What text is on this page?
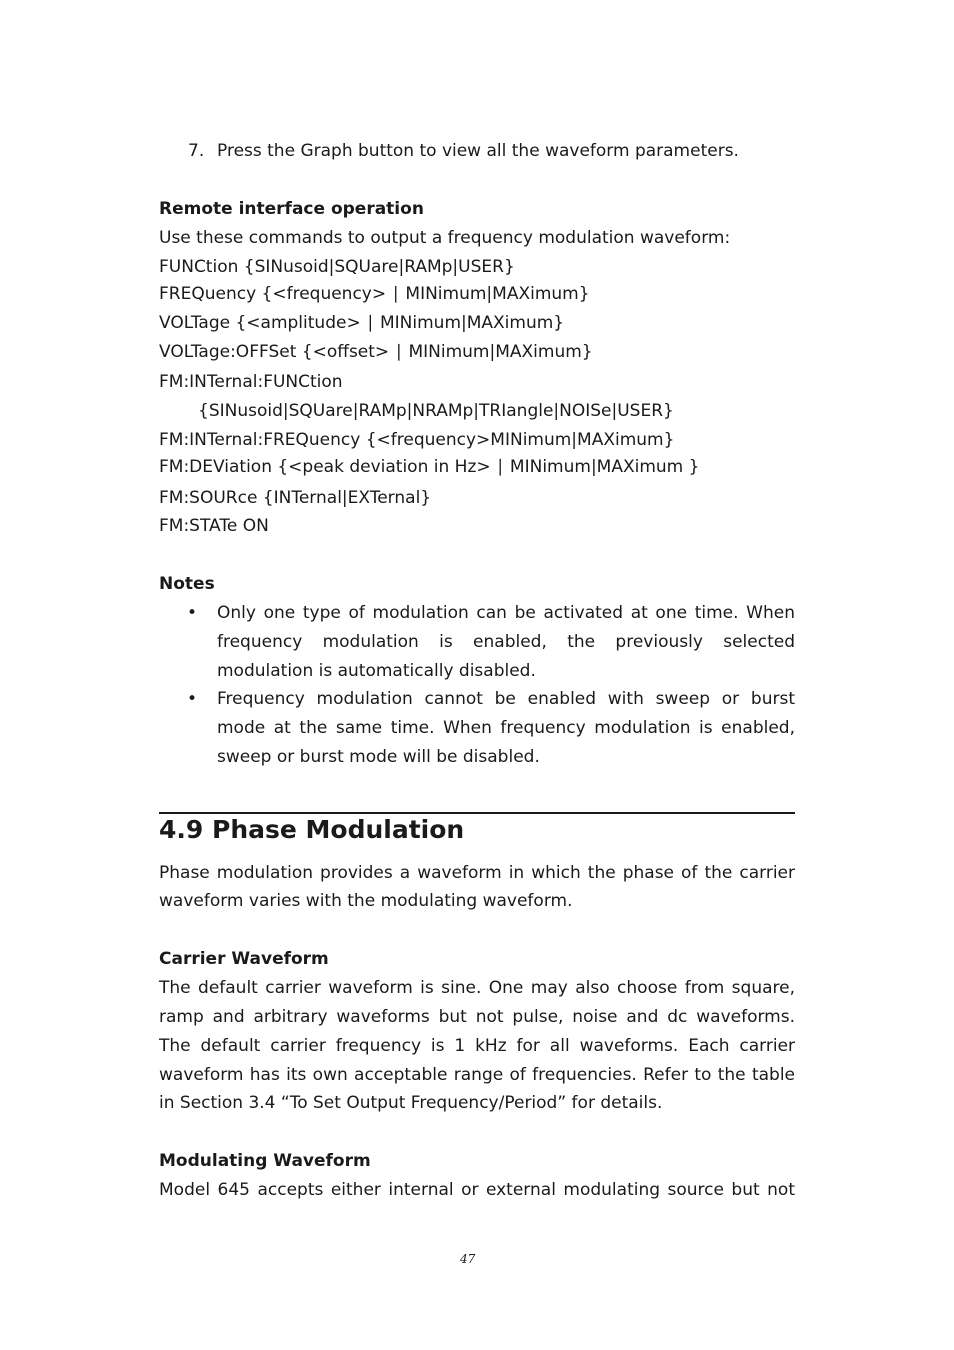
7. Press the Graph button to view all the waveform parameters.
Remote interface operation
Use these commands to output a frequency modulation waveform:
FUNCtion {SINusoid|SQUare|RAMp|USER}
FREQuency {<frequency> ∣ MINimum|MAXimum}
VOLTage {<amplitude> ∣ MINimum|MAXimum}
VOLTage:OFFSet {<offset> ∣ MINimum|MAXimum}
FM:INTernal:FUNCtion
{SINusoid|SQUare|RAMp|NRAMp|TRIangle|NOISe|USER}
FM:INTernal:FREQuency {<frequency>MINimum|MAXimum}
FM:DEViation {<peak deviation in Hz> ∣ MINimum|MAXimum }
FM:SOURce {INTernal|EXTernal}
FM:STATe ON
Notes
• Only one type of modulation can be activated at one time. When
frequency modulation is enabled, the previously selected
modulation is automatically disabled.
• Frequency modulation cannot be enabled with sweep or burst
mode at the same time. When frequency modulation is enabled,
sweep or burst mode will be disabled.
4.9 Phase Modulation
Phase modulation provides a waveform in which the phase of the carrier
waveform varies with the modulating waveform.
Carrier Waveform
The default carrier waveform is sine. One may also choose from square,
ramp and arbitrary waveforms but not pulse, noise and dc waveforms.
The default carrier frequency is 1 kHz for all waveforms. Each carrier
waveform has its own acceptable range of frequencies. Refer to the table
in Section 3.4 “To Set Output Frequency/Period” for details.
Modulating Waveform
Model 645 accepts either internal or external modulating source but not
47
